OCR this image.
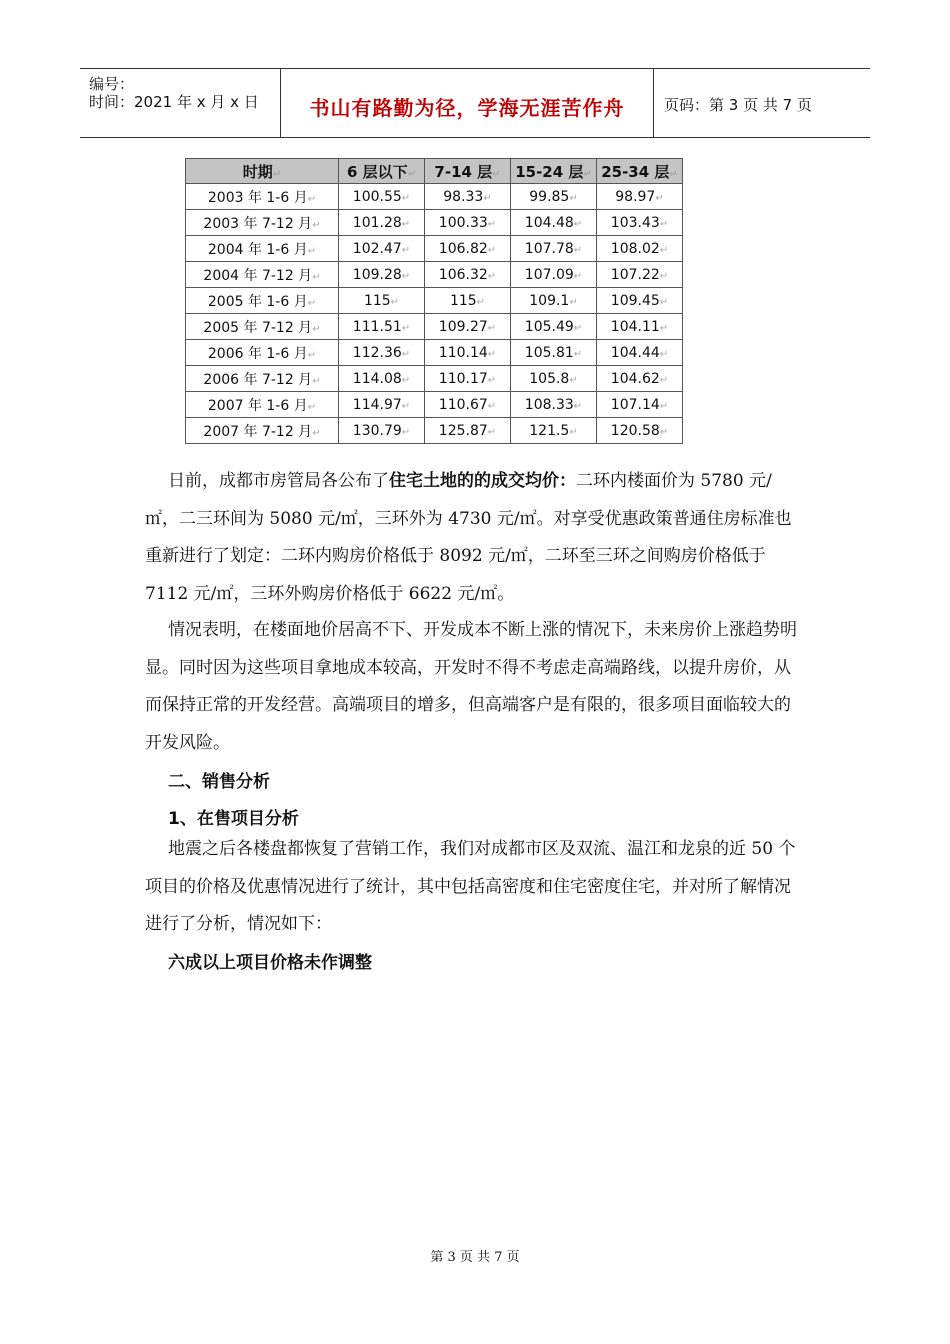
编号：
时间：2021 年 x 月 x 日	书山有路勤为径，学海无涯苦作舟	页码：第 3 页 共 7 页
时期↵	6 层以下↵	7-14 层↵	15-24 层↵	25-34 层↵
2003 年 1-6 月↵	100.55↵	98.33↵	99.85↵	98.97↵
2003 年 7-12 月↵	101.28↵	100.33↵	104.48↵	103.43↵
2004 年 1-6 月↵	102.47↵	106.82↵	107.78↵	108.02↵
2004 年 7-12 月↵	109.28↵	106.32↵	107.09↵	107.22↵
2005 年 1-6 月↵	115↵	115↵	109.1↵	109.45↵
2005 年 7-12 月↵	111.51↵	109.27↵	105.49↵	104.11↵
2006 年 1-6 月↵	112.36↵	110.14↵	105.81↵	104.44↵
2006 年 7-12 月↵	114.08↵	110.17↵	105.8↵	104.62↵
2007 年 1-6 月↵	114.97↵	110.67↵	108.33↵	107.14↵
2007 年 7-12 月↵	130.79↵	125.87↵	121.5↵	120.58↵
日前，成都市房管局各公布了住宅土地的的成交均价：二环内楼面价为 5780 元/㎡，二三环间为 5080 元/㎡，三环外为 4730 元/㎡。对享受优惠政策普通住房标准也重新进行了划定：二环内购房价格低于 8092 元/㎡，二环至三环之间购房价格低于 7112 元/㎡，三环外购房价格低于 6622 元/㎡。
情况表明，在楼面地价居高不下、开发成本不断上涨的情况下，未来房价上涨趋势明显。同时因为这些项目拿地成本较高，开发时不得不考虑走高端路线，以提升房价，从而保持正常的开发经营。高端项目的增多，但高端客户是有限的，很多项目面临较大的开发风险。
二、销售分析
1、在售项目分析
地震之后各楼盘都恢复了营销工作，我们对成都市区及双流、温江和龙泉的近 50 个项目的价格及优惠情况进行了统计，其中包括高密度和住宅密度住宅，并对所了解情况进行了分析，情况如下：
六成以上项目价格未作调整
第 3 页 共 7 页
